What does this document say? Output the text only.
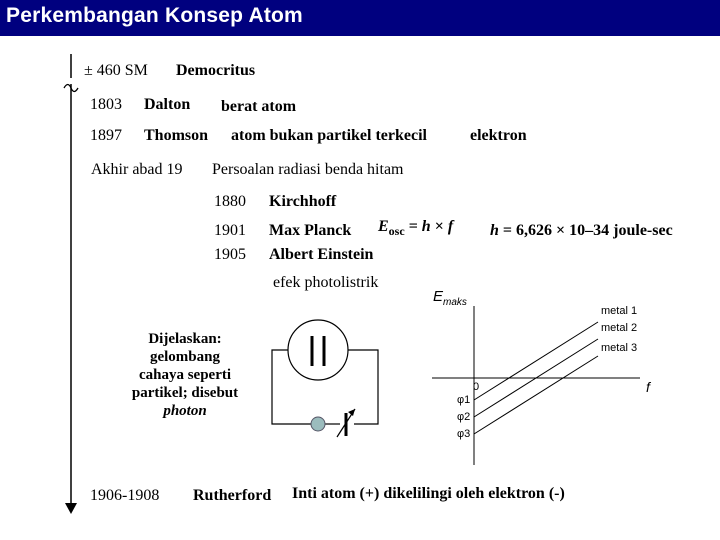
Perkembangan Konsep Atom
± 460 SM Democritus
1803 Dalton berat atom
1897 Thomson atom bukan partikel terkecil	elektron
Akhir abad 19 Persoalan radiasi benda hitam
1880 Kirchhoff
1901 Max Planck $E_{osc} = h \times f$ h = 6,626 × 10–34 joule-sec
1905 Albert Einstein
efek photolistrik
Dijelaskan:
gelombang
cahaya seperti
partikel; disebut
photon
$E_{maks}$
metal 1
metal 2
metal 3
0	f
φ1
φ2
φ3
1906-1908 Rutherford Inti atom (+) dikelilingi oleh elektron (-)
